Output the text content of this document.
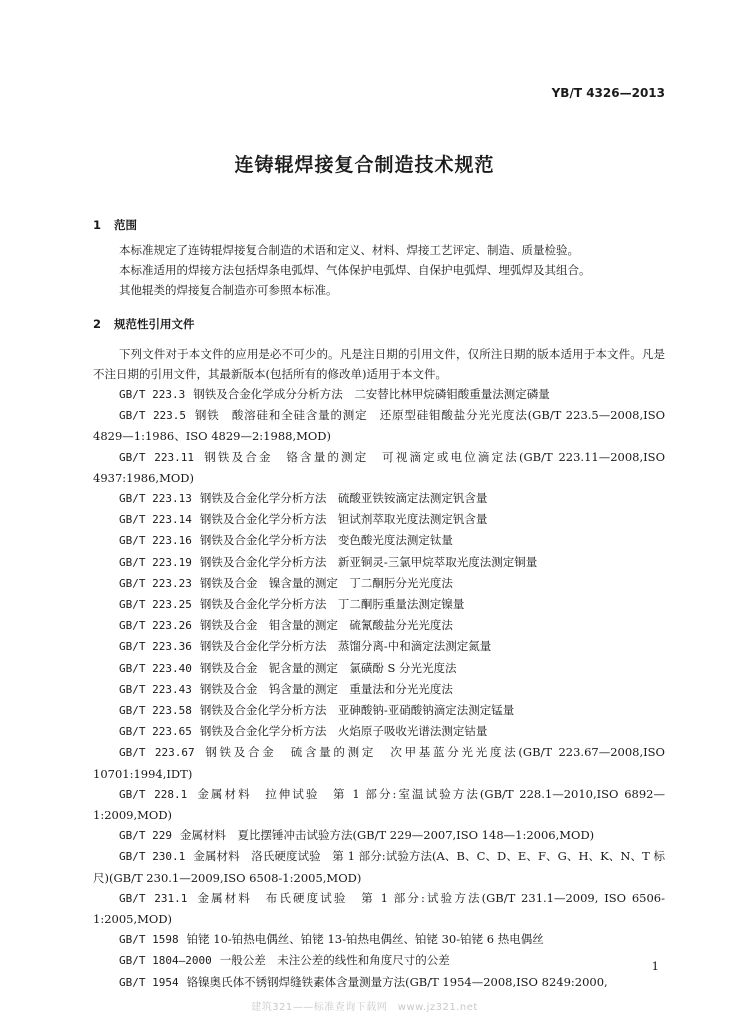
YB/T 4326—2013
连铸辊焊接复合制造技术规范
1 范围
本标准规定了连铸辊焊接复合制造的术语和定义、材料、焊接工艺评定、制造、质量检验。
本标准适用的焊接方法包括焊条电弧焊、气体保护电弧焊、自保护电弧焊、埋弧焊及其组合。
其他辊类的焊接复合制造亦可参照本标准。
2 规范性引用文件
下列文件对于本文件的应用是必不可少的。凡是注日期的引用文件，仅所注日期的版本适用于本文件。凡是不注日期的引用文件，其最新版本(包括所有的修改单)适用于本文件。
GB/T 223.3 钢铁及合金化学成分分析方法　二安替比林甲烷磷钼酸重量法测定磷量
GB/T 223.5 钢铁　酸溶硅和全硅含量的测定　还原型硅钼酸盐分光光度法(GB/T 223.5—2008,ISO 4829—1:1986、ISO 4829—2:1988,MOD)
GB/T 223.11 钢铁及合金　铬含量的测定　可视滴定或电位滴定法(GB/T 223.11—2008,ISO 4937:1986,MOD)
GB/T 223.13 钢铁及合金化学分析方法　硫酸亚铁铵滴定法测定钒含量
GB/T 223.14 钢铁及合金化学分析方法　钽试剂萃取光度法测定钒含量
GB/T 223.16 钢铁及合金化学分析方法　变色酸光度法测定钛量
GB/T 223.19 钢铁及合金化学分析方法　新亚铜灵-三氯甲烷萃取光度法测定铜量
GB/T 223.23 钢铁及合金　镍含量的测定　丁二酮肟分光光度法
GB/T 223.25 钢铁及合金化学分析方法　丁二酮肟重量法测定镍量
GB/T 223.26 钢铁及合金　钼含量的测定　硫氰酸盐分光光度法
GB/T 223.36 钢铁及合金化学分析方法　蒸馏分离-中和滴定法测定氮量
GB/T 223.40 钢铁及合金　铌含量的测定　氯磺酚 S 分光光度法
GB/T 223.43 钢铁及合金　钨含量的测定　重量法和分光光度法
GB/T 223.58 钢铁及合金化学分析方法　亚砷酸钠-亚硝酸钠滴定法测定锰量
GB/T 223.65 钢铁及合金化学分析方法　火焰原子吸收光谱法测定钴量
GB/T 223.67 钢铁及合金　硫含量的测定　次甲基蓝分光光度法(GB/T 223.67—2008,ISO 10701:1994,IDT)
GB/T 228.1 金属材料　拉伸试验　第 1 部分:室温试验方法(GB/T 228.1—2010,ISO 6892—1:2009,MOD)
GB/T 229 金属材料　夏比摆锤冲击试验方法(GB/T 229—2007,ISO 148—1:2006,MOD)
GB/T 230.1 金属材料　洛氏硬度试验　第 1 部分:试验方法(A、B、C、D、E、F、G、H、K、N、T 标尺)(GB/T 230.1—2009,ISO 6508-1:2005,MOD)
GB/T 231.1 金属材料　布氏硬度试验　第 1 部分:试验方法(GB/T 231.1—2009, ISO 6506-1:2005,MOD)
GB/T 1598 铂铑 10-铂热电偶丝、铂铑 13-铂热电偶丝、铂铑 30-铂铑 6 热电偶丝
GB/T 1804—2000 一般公差　未注公差的线性和角度尺寸的公差
GB/T 1954 铬镍奥氏体不锈钢焊缝铁素体含量测量方法(GB/T 1954—2008,ISO 8249:2000,
1
建筑321——标准查询下载网　www.jz321.net
